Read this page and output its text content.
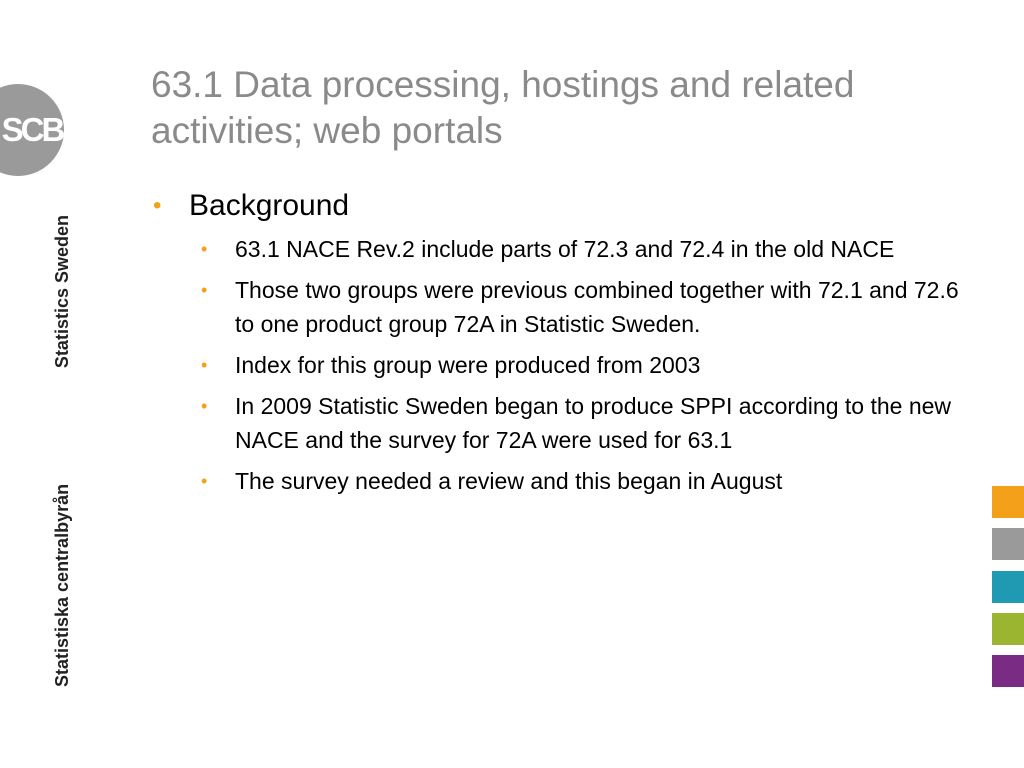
SCB
Statistiska centralbyrån
Statistics Sweden
63.1 Data processing, hostings and related activities; web portals
• Background
• 63.1 NACE Rev.2 include parts of 72.3 and 72.4 in the old NACE
• Those two groups were previous combined together with 72.1 and 72.6 to one product group 72A in Statistic Sweden.
• Index for this group were produced from 2003
• In 2009 Statistic Sweden began to produce SPPI according to the new NACE and the survey for 72A were used for 63.1
• The survey needed a review and this began in August
